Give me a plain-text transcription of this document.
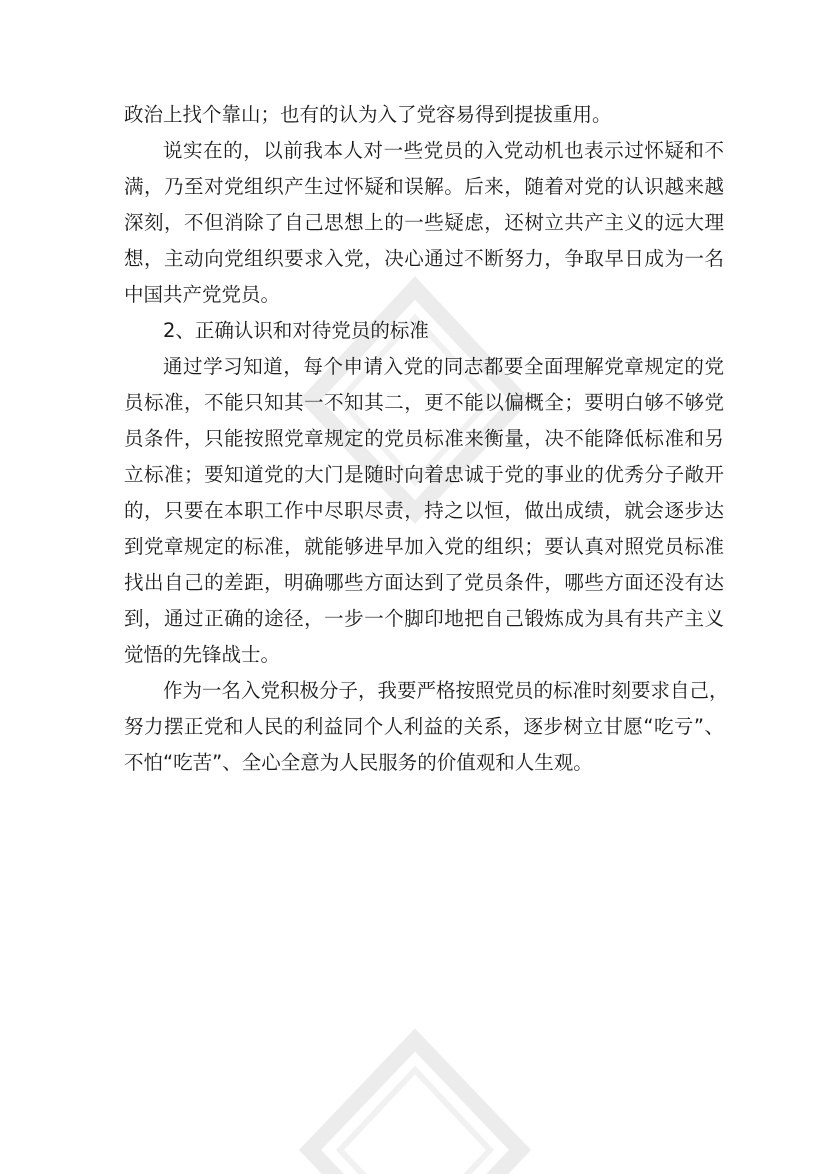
政治上找个靠山；也有的认为入了党容易得到提拔重用。
说实在的，以前我本人对一些党员的入党动机也表示过怀疑和不
满，乃至对党组织产生过怀疑和误解。后来，随着对党的认识越来越
深刻，不但消除了自己思想上的一些疑虑，还树立共产主义的远大理
想，主动向党组织要求入党，决心通过不断努力，争取早日成为一名
中国共产党党员。
2、正确认识和对待党员的标准
通过学习知道，每个申请入党的同志都要全面理解党章规定的党
员标准，不能只知其一不知其二，更不能以偏概全；要明白够不够党
员条件，只能按照党章规定的党员标准来衡量，决不能降低标准和另
立标准；要知道党的大门是随时向着忠诚于党的事业的优秀分子敞开
的，只要在本职工作中尽职尽责，持之以恒，做出成绩，就会逐步达
到党章规定的标准，就能够进早加入党的组织；要认真对照党员标准
找出自己的差距，明确哪些方面达到了党员条件，哪些方面还没有达
到，通过正确的途径，一步一个脚印地把自己锻炼成为具有共产主义
觉悟的先锋战士。
作为一名入党积极分子，我要严格按照党员的标准时刻要求自己，
努力摆正党和人民的利益同个人利益的关系，逐步树立甘愿“吃亏”、
不怕“吃苦”、全心全意为人民服务的价值观和人生观。
